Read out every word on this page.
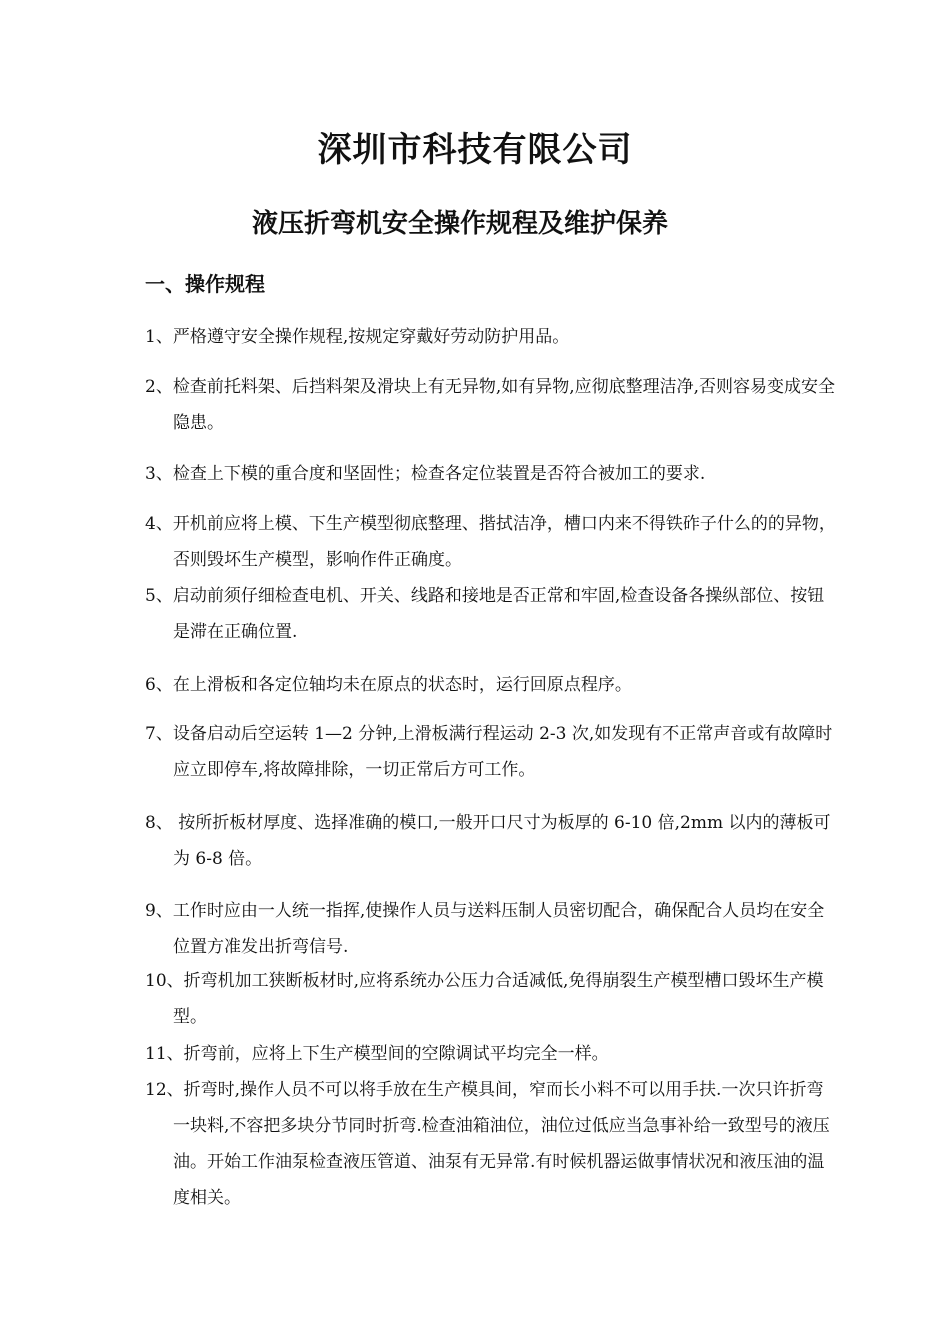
深圳市科技有限公司
液压折弯机安全操作规程及维护保养
一、操作规程
1、严格遵守安全操作规程,按规定穿戴好劳动防护用品。
2、检查前托料架、后挡料架及滑块上有无异物,如有异物,应彻底整理洁净,否则容易变成安全隐患。
3、检查上下模的重合度和坚固性；检查各定位装置是否符合被加工的要求.
4、开机前应将上模、下生产模型彻底整理、揩拭洁净，槽口内来不得铁砟子什么的的异物，否则毁坏生产模型，影响作件正确度。
5、启动前须仔细检查电机、开关、线路和接地是否正常和牢固,检查设备各操纵部位、按钮是滞在正确位置.
6、在上滑板和各定位轴均未在原点的状态时，运行回原点程序。
7、设备启动后空运转 1—2 分钟,上滑板满行程运动 2-3 次,如发现有不正常声音或有故障时应立即停车,将故障排除，一切正常后方可工作。
8、 按所折板材厚度、选择准确的模口,一般开口尺寸为板厚的 6-10 倍,2mm 以内的薄板可为 6-8 倍。
9、工作时应由一人统一指挥,使操作人员与送料压制人员密切配合，确保配合人员均在安全位置方准发出折弯信号.
10、折弯机加工狭断板材时,应将系统办公压力合适减低,免得崩裂生产模型槽口毁坏生产模型。
11、折弯前，应将上下生产模型间的空隙调试平均完全一样。
12、折弯时,操作人员不可以将手放在生产模具间，窄而长小料不可以用手扶.一次只许折弯一块料,不容把多块分节同时折弯.检查油箱油位，油位过低应当急事补给一致型号的液压油。开始工作油泵检查液压管道、油泵有无异常.有时候机器运做事情状况和液压油的温度相关。
